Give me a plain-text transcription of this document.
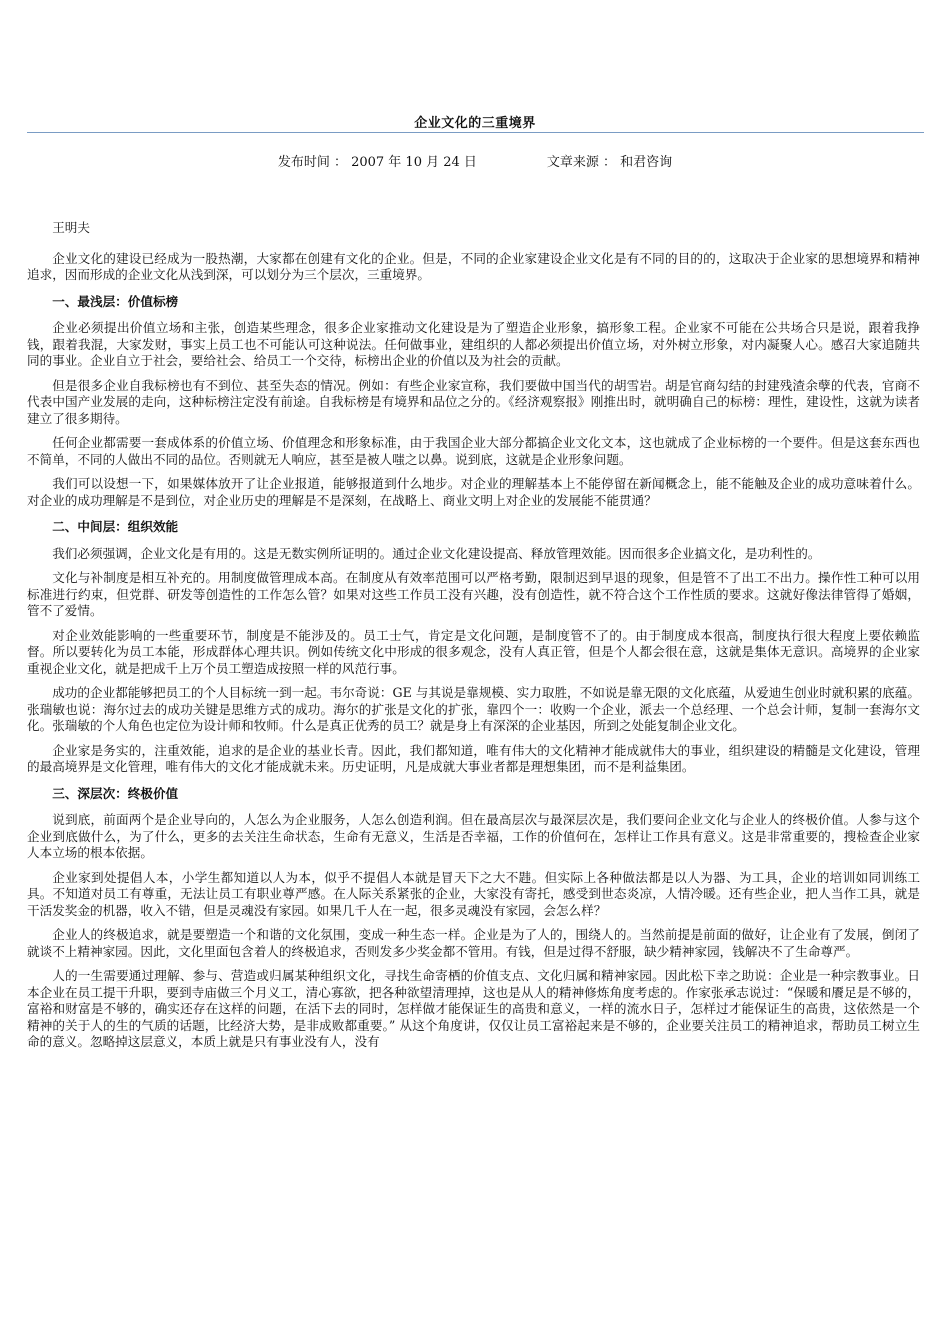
企业文化的三重境界
发布时间 ： 2007 年 10 月 24 日	文章来源 ： 和君咨询

王明夫

企业文化的建设已经成为一股热潮，大家都在创建有文化的企业。但是，不同的企业家建设企业文化是有不同的目的的，这取决于企业家的思想境界和精神追求，因而形成的企业文化从浅到深，可以划分为三个层次，三重境界。

一、最浅层：价值标榜

企业必须提出价值立场和主张，创造某些理念，很多企业家推动文化建设是为了塑造企业形象，搞形象工程。企业家不可能在公共场合只是说，跟着我挣钱，跟着我混，大家发财，事实上员工也不可能认可这种说法。任何做事业，建组织的人都必须提出价值立场，对外树立形象，对内凝聚人心。感召大家追随共同的事业。企业自立于社会，要给社会、给员工一个交待，标榜出企业的价值以及为社会的贡献。

但是很多企业自我标榜也有不到位、甚至失态的情况。例如：有些企业家宣称，我们要做中国当代的胡雪岩。胡是官商勾结的封建残渣余孽的代表，官商不代表中国产业发展的走向，这种标榜注定没有前途。自我标榜是有境界和品位之分的。《经济观察报》刚推出时，就明确自己的标榜：理性，建设性，这就为读者建立了很多期待。

任何企业都需要一套成体系的价值立场、价值理念和形象标准，由于我国企业大部分都搞企业文化文本，这也就成了企业标榜的一个要件。但是这套东西也不简单，不同的人做出不同的品位。否则就无人响应，甚至是被人嗤之以鼻。说到底，这就是企业形象问题。

我们可以设想一下，如果媒体放开了让企业报道，能够报道到什么地步。对企业的理解基本上不能停留在新闻概念上，能不能触及企业的成功意味着什么。对企业的成功理解是不是到位，对企业历史的理解是不是深刻，在战略上、商业文明上对企业的发展能不能贯通？

二、中间层：组织效能

我们必须强调，企业文化是有用的。这是无数实例所证明的。通过企业文化建设提高、释放管理效能。因而很多企业搞文化，是功利性的。

文化与补制度是相互补充的。用制度做管理成本高。在制度从有效率范围可以严格考勤，限制迟到早退的现象，但是管不了出工不出力。操作性工种可以用标准进行约束，但党群、研发等创造性的工作怎么管？如果对这些工作员工没有兴趣，没有创造性，就不符合这个工作性质的要求。这就好像法律管得了婚姻，管不了爱情。

对企业效能影响的一些重要环节，制度是不能涉及的。员工士气，肯定是文化问题，是制度管不了的。由于制度成本很高，制度执行很大程度上要依赖监督。所以要转化为员工本能，形成群体心理共识。例如传统文化中形成的很多观念，没有人真正管，但是个人都会很在意，这就是集体无意识。高境界的企业家重视企业文化，就是把成千上万个员工塑造成按照一样的风范行事。

成功的企业都能够把员工的个人目标统一到一起。韦尔奇说：GE 与其说是靠规模、实力取胜，不如说是靠无限的文化底蕴，从爱迪生创业时就积累的底蕴。张瑞敏也说：海尔过去的成功关键是思维方式的成功。海尔的扩张是文化的扩张，靠四个一：收购一个企业，派去一个总经理、一个总会计师，复制一套海尔文化。张瑞敏的个人角色也定位为设计师和牧师。什么是真正优秀的员工？就是身上有深深的企业基因，所到之处能复制企业文化。

企业家是务实的，注重效能，追求的是企业的基业长青。因此，我们都知道，唯有伟大的文化精神才能成就伟大的事业，组织建设的精髓是文化建设，管理的最高境界是文化管理，唯有伟大的文化才能成就未来。历史证明，凡是成就大事业者都是理想集团，而不是利益集团。

三、深层次：终极价值

说到底，前面两个是企业导向的，人怎么为企业服务，人怎么创造利润。但在最高层次与最深层次是，我们要问企业文化与企业人的终极价值。人参与这个企业到底做什么，为了什么，更多的去关注生命状态，生命有无意义，生活是否幸福，工作的价值何在，怎样让工作具有意义。这是非常重要的，搜检查企业家人本立场的根本依据。

企业家到处提倡人本，小学生都知道以人为本，似乎不提倡人本就是冒天下之大不韪。但实际上各种做法都是以人为器、为工具，企业的培训如同训练工具。不知道对员工有尊重，无法让员工有职业尊严感。在人际关系紧张的企业，大家没有寄托，感受到世态炎凉，人情冷暖。还有些企业，把人当作工具，就是干活发奖金的机器，收入不错，但是灵魂没有家园。如果几千人在一起，很多灵魂没有家园，会怎么样？

企业人的终极追求，就是要塑造一个和谐的文化氛围，变成一种生态一样。企业是为了人的，围绕人的。当然前提是前面的做好，让企业有了发展，倒闭了就谈不上精神家园。因此，文化里面包含着人的终极追求，否则发多少奖金都不管用。有钱，但是过得不舒服，缺少精神家园，钱解决不了生命尊严。

人的一生需要通过理解、参与、营造或归属某种组织文化，寻找生命寄栖的价值支点、文化归属和精神家园。因此松下幸之助说：企业是一种宗教事业。日本企业在员工提干升职，要到寺庙做三个月义工，清心寡欲，把各种欲望清理掉，这也是从人的精神修炼角度考虑的。作家张承志说过：“保暖和餍足是不够的，富裕和财富是不够的，确实还存在这样的问题，在活下去的同时，怎样做才能保证生的高贵和意义，一样的流水日子，怎样过才能保证生的高贵，这依然是一个精神的关于人的生的气质的话题，比经济大势，是非成败都重要。” 从这个角度讲，仅仅让员工富裕起来是不够的，企业要关注员工的精神追求，帮助员工树立生命的意义。忽略掉这层意义，本质上就是只有事业没有人，没有
